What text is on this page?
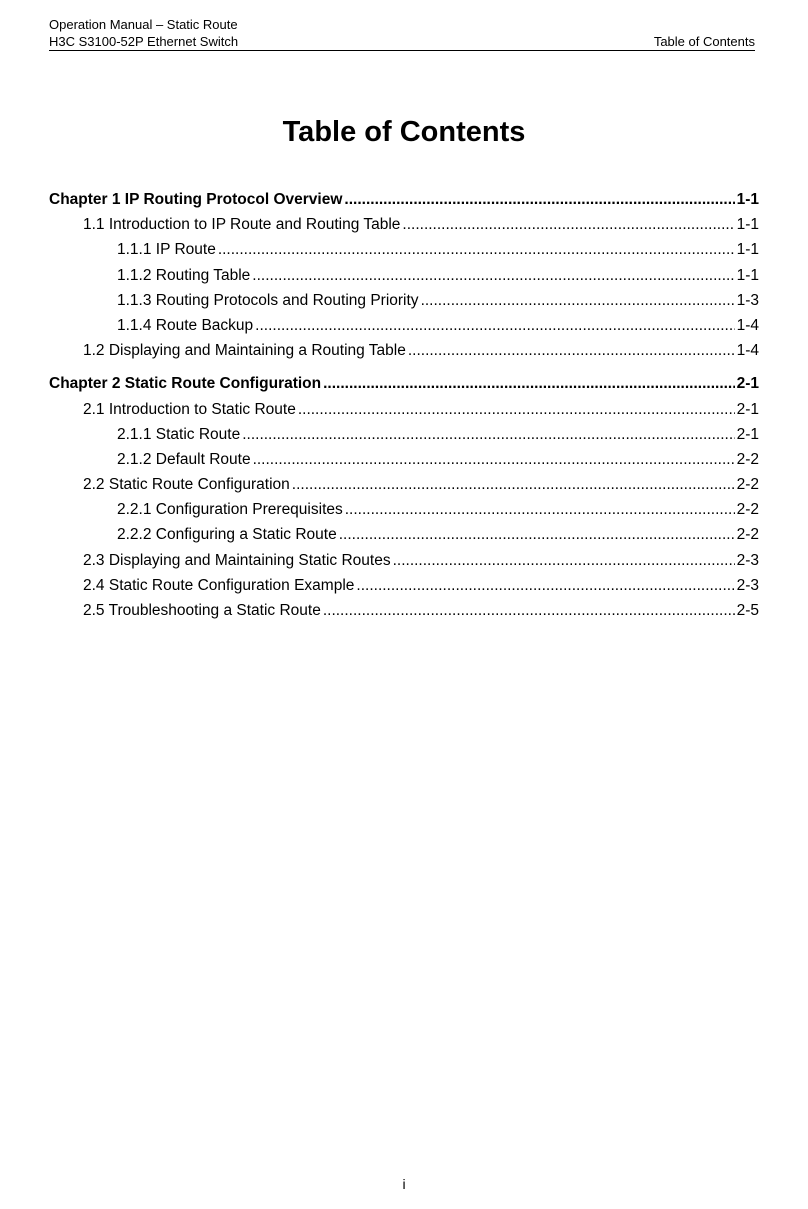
Operation Manual – Static Route
H3C S3100-52P Ethernet Switch	Table of Contents
Table of Contents
Chapter 1 IP Routing Protocol Overview .....	1-1
1.1 Introduction to IP Route and Routing Table .....	1-1
1.1.1 IP Route .....	1-1
1.1.2 Routing Table .....	1-1
1.1.3 Routing Protocols and Routing Priority .....	1-3
1.1.4 Route Backup .....	1-4
1.2 Displaying and Maintaining a Routing Table .....	1-4
Chapter 2 Static Route Configuration .....	2-1
2.1 Introduction to Static Route .....	2-1
2.1.1 Static Route .....	2-1
2.1.2 Default Route .....	2-2
2.2 Static Route Configuration .....	2-2
2.2.1 Configuration Prerequisites .....	2-2
2.2.2 Configuring a Static Route .....	2-2
2.3 Displaying and Maintaining Static Routes .....	2-3
2.4 Static Route Configuration Example .....	2-3
2.5 Troubleshooting a Static Route .....	2-5
i
